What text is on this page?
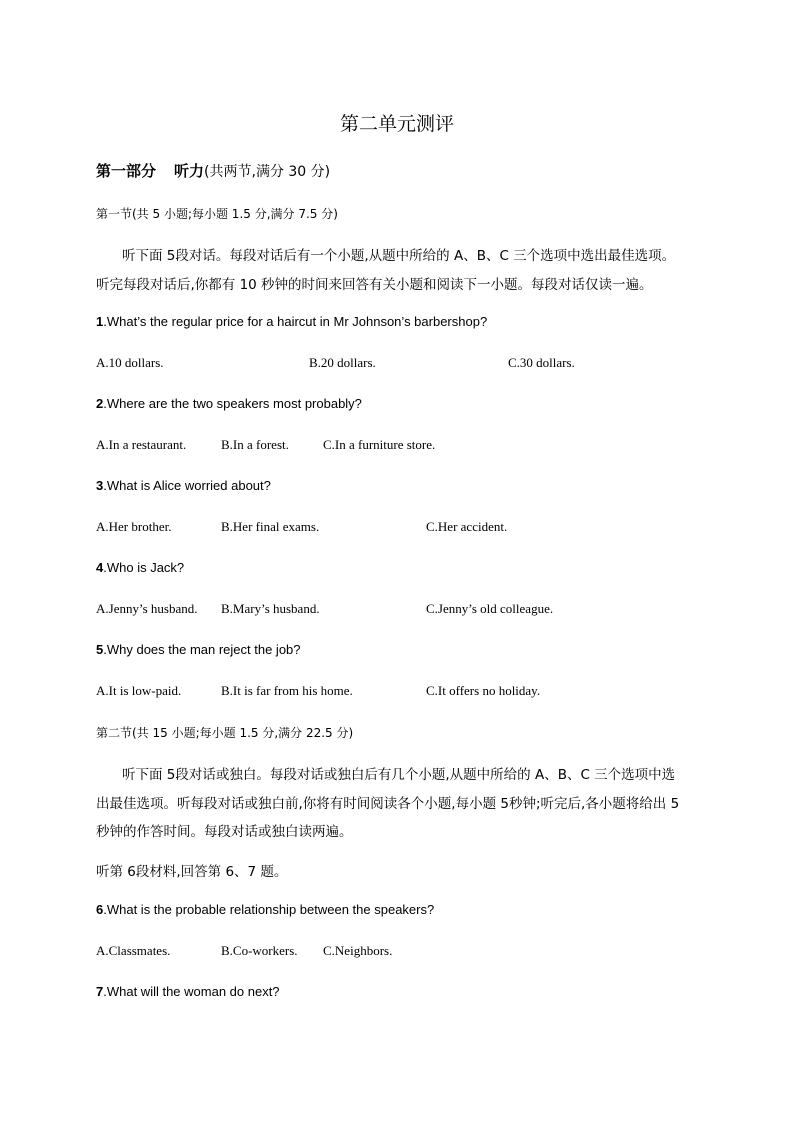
第二单元测评
第一部分 听力(共两节,满分 30 分)
第一节(共 5 小题;每小题 1.5 分,满分 7.5 分)
听下面 5段对话。每段对话后有一个小题,从题中所给的 A、B、C 三个选项中选出最佳选项。
听完每段对话后,你都有 10 秒钟的时间来回答有关小题和阅读下一小题。每段对话仅读一遍。
1.What’s the regular price for a haircut in Mr Johnson’s barbershop?
A.10 dollars.	B.20 dollars.	C.30 dollars.
2.Where are the two speakers most probably?
A.In a restaurant.	B.In a forest.	C.In a furniture store.
3.What is Alice worried about?
A.Her brother.	B.Her final exams.	C.Her accident.
4.Who is Jack?
A.Jenny’s husband. B.Mary’s husband.	C.Jenny’s old colleague.
5.Why does the man reject the job?
A.It is low-paid.	B.It is far from his home.	C.It offers no holiday.
第二节(共 15 小题;每小题 1.5 分,满分 22.5 分)
听下面 5段对话或独白。每段对话或独白后有几个小题,从题中所给的 A、B、C 三个选项中选
出最佳选项。听每段对话或独白前,你将有时间阅读各个小题,每小题 5秒钟;听完后,各小题将给出 5
秒钟的作答时间。每段对话或独白读两遍。
听第 6段材料,回答第 6、7 题。
6.What is the probable relationship between the speakers?
A.Classmates.	B.Co-workers. C.Neighbors.
7.What will the woman do next?
